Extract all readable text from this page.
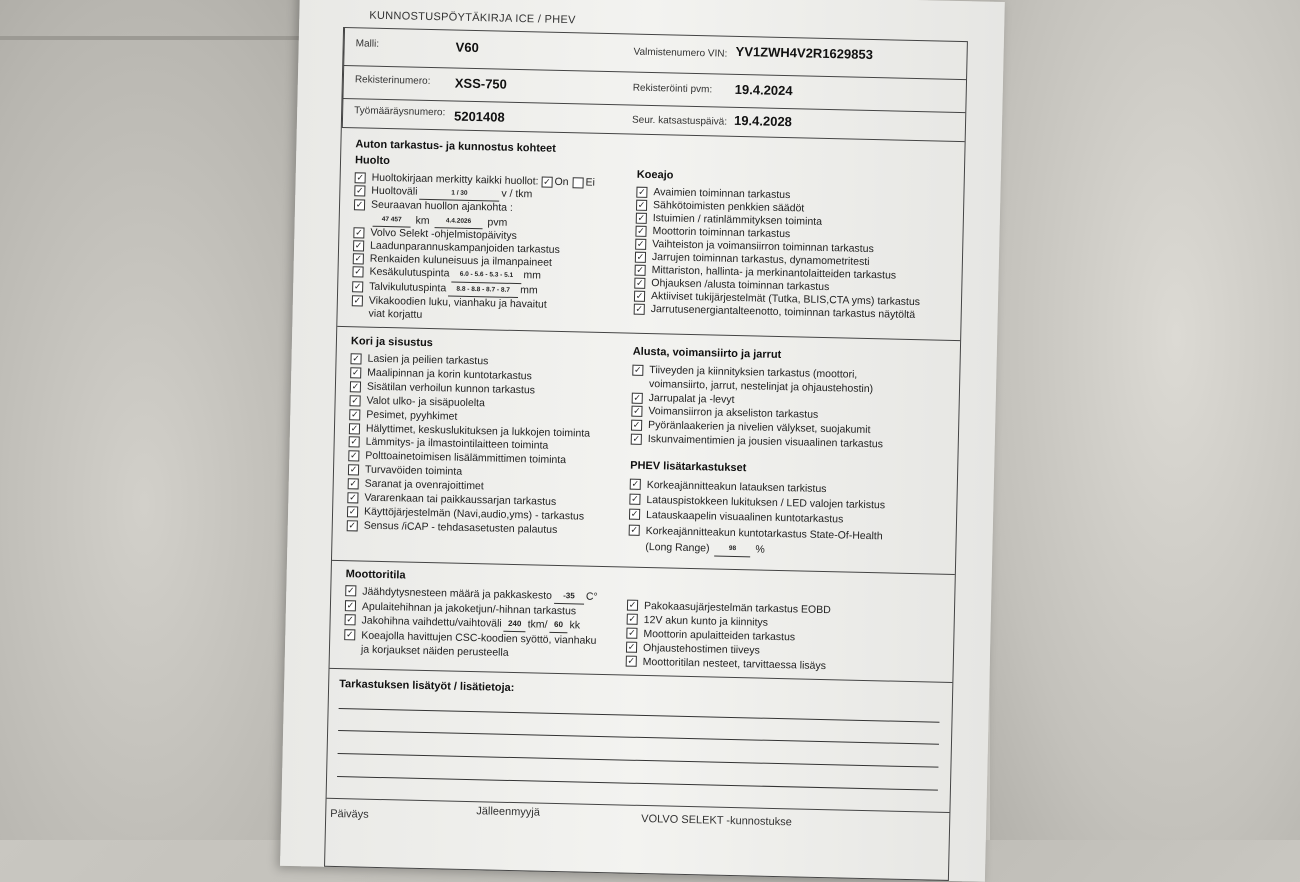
KUNNOSTUSPÖYTÄKIRJA ICE / PHEV
Malli:	V60	Valmistenumero VIN: YV1ZWH4V2R1629853
Rekisterinumero: XSS-750	Rekisteröinti pvm: 19.4.2024
Työmääräysnumero: 5201408	Seur. katsastuspäivä: 19.4.2028
Auton tarkastus- ja kunnostus kohteet
Huolto
✓ Huoltokirjaan merkitty kaikki huollot: ✓ On Ei
✓ Huoltoväli	1 / 30	v / tkm
✓ Seuraavan huollon ajankohta :
47 457 km 4.4.2026 pvm
✓ Volvo Selekt -ohjelmistopäivitys
✓ Laadunparannuskampanjoiden tarkastus
✓ Renkaiden kuluneisuus ja ilmanpaineet
✓ Kesäkulutuspinta	6.0 - 5.6 - 5.3 - 5.1 mm
✓ Talvikulutuspinta	8.8 - 8.8 - 8.7 - 8.7 mm
✓ Vikakoodien luku, vianhaku ja havaitut
viat korjattu
Koeajo
✓ Avaimien toiminnan tarkastus
✓ Sähkötoimisten penkkien säädöt
✓ Istuimien / ratinlämmityksen toiminta
✓ Moottorin toiminnan tarkastus
✓ Vaihteiston ja voimansiirron toiminnan tarkastus
✓ Jarrujen toiminnan tarkastus, dynamometritesti
✓ Mittariston, hallinta- ja merkinantolaitteiden tarkastus
✓ Ohjauksen /alusta toiminnan tarkastus
✓ Aktiiviset tukijärjestelmät (Tutka, BLIS,CTA yms) tarkastus
✓ Jarrutusenergiantalteenotto, toiminnan tarkastus näytöltä
Kori ja sisustus
✓ Lasien ja peilien tarkastus
✓ Maalipinnan ja korin kuntotarkastus
✓ Sisätilan verhoilun kunnon tarkastus
✓ Valot ulko- ja sisäpuolelta
✓ Pesimet, pyyhkimet
✓ Hälyttimet, keskuslukituksen ja lukkojen toiminta
✓ Lämmitys- ja ilmastointilaitteen toiminta
✓ Polttoainetoimisen lisälämmittimen toiminta
✓ Turvavöiden toiminta
✓ Saranat ja ovenrajoittimet
✓ Vararenkaan tai paikkaussarjan tarkastus
✓ Käyttöjärjestelmän (Navi,audio,yms) - tarkastus
✓ Sensus /iCAP - tehdasasetusten palautus
Alusta, voimansiirto ja jarrut
✓ Tiiveyden ja kiinnityksien tarkastus (moottori,
voimansiirto, jarrut, nestelinjat ja ohjaustehostin)
✓ Jarrupalat ja -levyt
✓ Voimansiirron ja akseliston tarkastus
✓ Pyöränlaakerien ja nivelien välykset, suojakumit
✓ Iskunvaimentimien ja jousien visuaalinen tarkastus
PHEV lisätarkastukset
✓ Korkeajännitteakun latauksen tarkistus
✓ Latauspistokkeen lukituksen / LED valojen tarkistus
✓ Latauskaapelin visuaalinen kuntotarkastus
✓ Korkeajännitteakun kuntotarkastus State-Of-Health
(Long Range)	98 %
Moottoritila
✓ Jäähdytysnesteen määrä ja pakkaskesto	-35	C°
✓ Apulaitehihnan ja jakoketjun/-hihnan tarkastus
✓ Jakohihna vaihdettu/vaihtoväli 240 tkm/ 60 kk
✓ Koeajolla havittujen CSC-koodien syöttö, vianhaku
ja korjaukset näiden perusteella
✓ Pakokaasujärjestelmän tarkastus EOBD
✓ 12V akun kunto ja kiinnitys
✓ Moottorin apulaitteiden tarkastus
✓ Ohjaustehostimen tiiveys
✓ Moottoritilan nesteet, tarvittaessa lisäys
Tarkastuksen lisätyöt / lisätietoja:
Päiväys	Jälleenmyyjä
VOLVO SELEKT -kunnostukse
